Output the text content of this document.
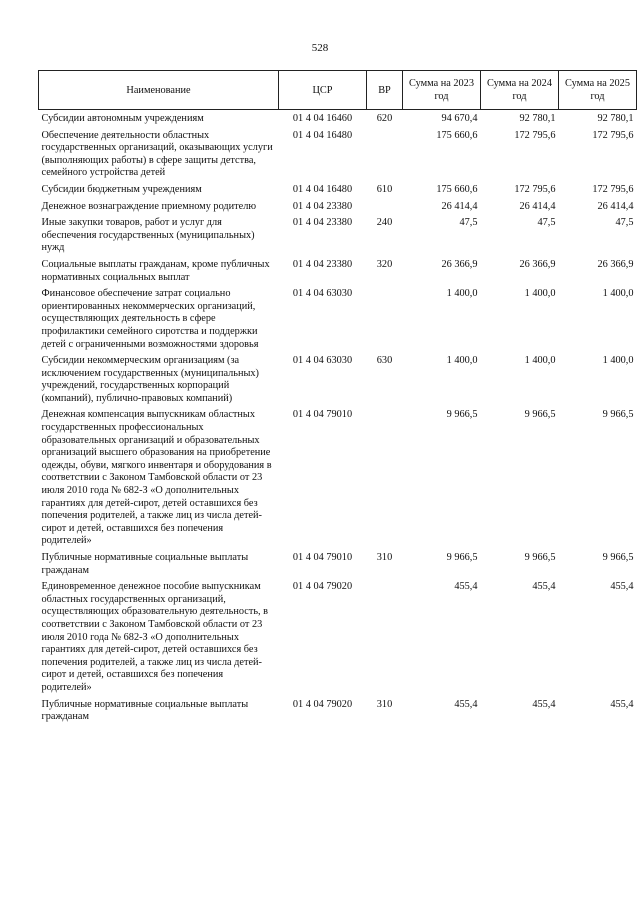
528
Наименование	ЦСР	ВР	Сумма на 2023 год	Сумма на 2024 год	Сумма на 2025 год
Субсидии автономным учреждениям	01 4 04 16460	620	94 670,4	92 780,1	92 780,1
Обеспечение деятельности областных государственных организаций, оказывающих услуги (выполняющих работы) в сфере защиты детства, семейного устройства детей	01 4 04 16480		175 660,6	172 795,6	172 795,6
Субсидии бюджетным учреждениям	01 4 04 16480	610	175 660,6	172 795,6	172 795,6
Денежное вознаграждение приемному родителю	01 4 04 23380		26 414,4	26 414,4	26 414,4
Иные закупки товаров, работ и услуг для обеспечения государственных (муниципальных) нужд	01 4 04 23380	240	47,5	47,5	47,5
Социальные выплаты гражданам, кроме публичных нормативных социальных выплат	01 4 04 23380	320	26 366,9	26 366,9	26 366,9
Финансовое обеспечение затрат социально ориентированных некоммерческих организаций, осуществляющих деятельность в сфере профилактики семейного сиротства и поддержки детей с ограниченными возможностями здоровья	01 4 04 63030		1 400,0	1 400,0	1 400,0
Субсидии некоммерческим организациям (за исключением государственных (муниципальных) учреждений, государственных корпораций (компаний), публично-правовых компаний)	01 4 04 63030	630	1 400,0	1 400,0	1 400,0
Денежная компенсация выпускникам областных государственных профессиональных образовательных организаций и образовательных организаций высшего образования на приобретение одежды, обуви, мягкого инвентаря и оборудования в соответствии с Законом Тамбовской области от 23 июля 2010 года № 682-З «О дополнительных гарантиях для детей-сирот, детей оставшихся без попечения родителей, а также лиц из числа детей-сирот и детей, оставшихся без попечения родителей»	01 4 04 79010		9 966,5	9 966,5	9 966,5
Публичные нормативные социальные выплаты гражданам	01 4 04 79010	310	9 966,5	9 966,5	9 966,5
Единовременное денежное пособие выпускникам областных государственных организаций, осуществляющих образовательную деятельность, в соответствии с Законом Тамбовской области от 23 июля 2010 года № 682-З «О дополнительных гарантиях для детей-сирот, детей оставшихся без попечения родителей, а также лиц из числа детей-сирот и детей, оставшихся без попечения родителей»	01 4 04 79020		455,4	455,4	455,4
Публичные нормативные социальные выплаты гражданам	01 4 04 79020	310	455,4	455,4	455,4
